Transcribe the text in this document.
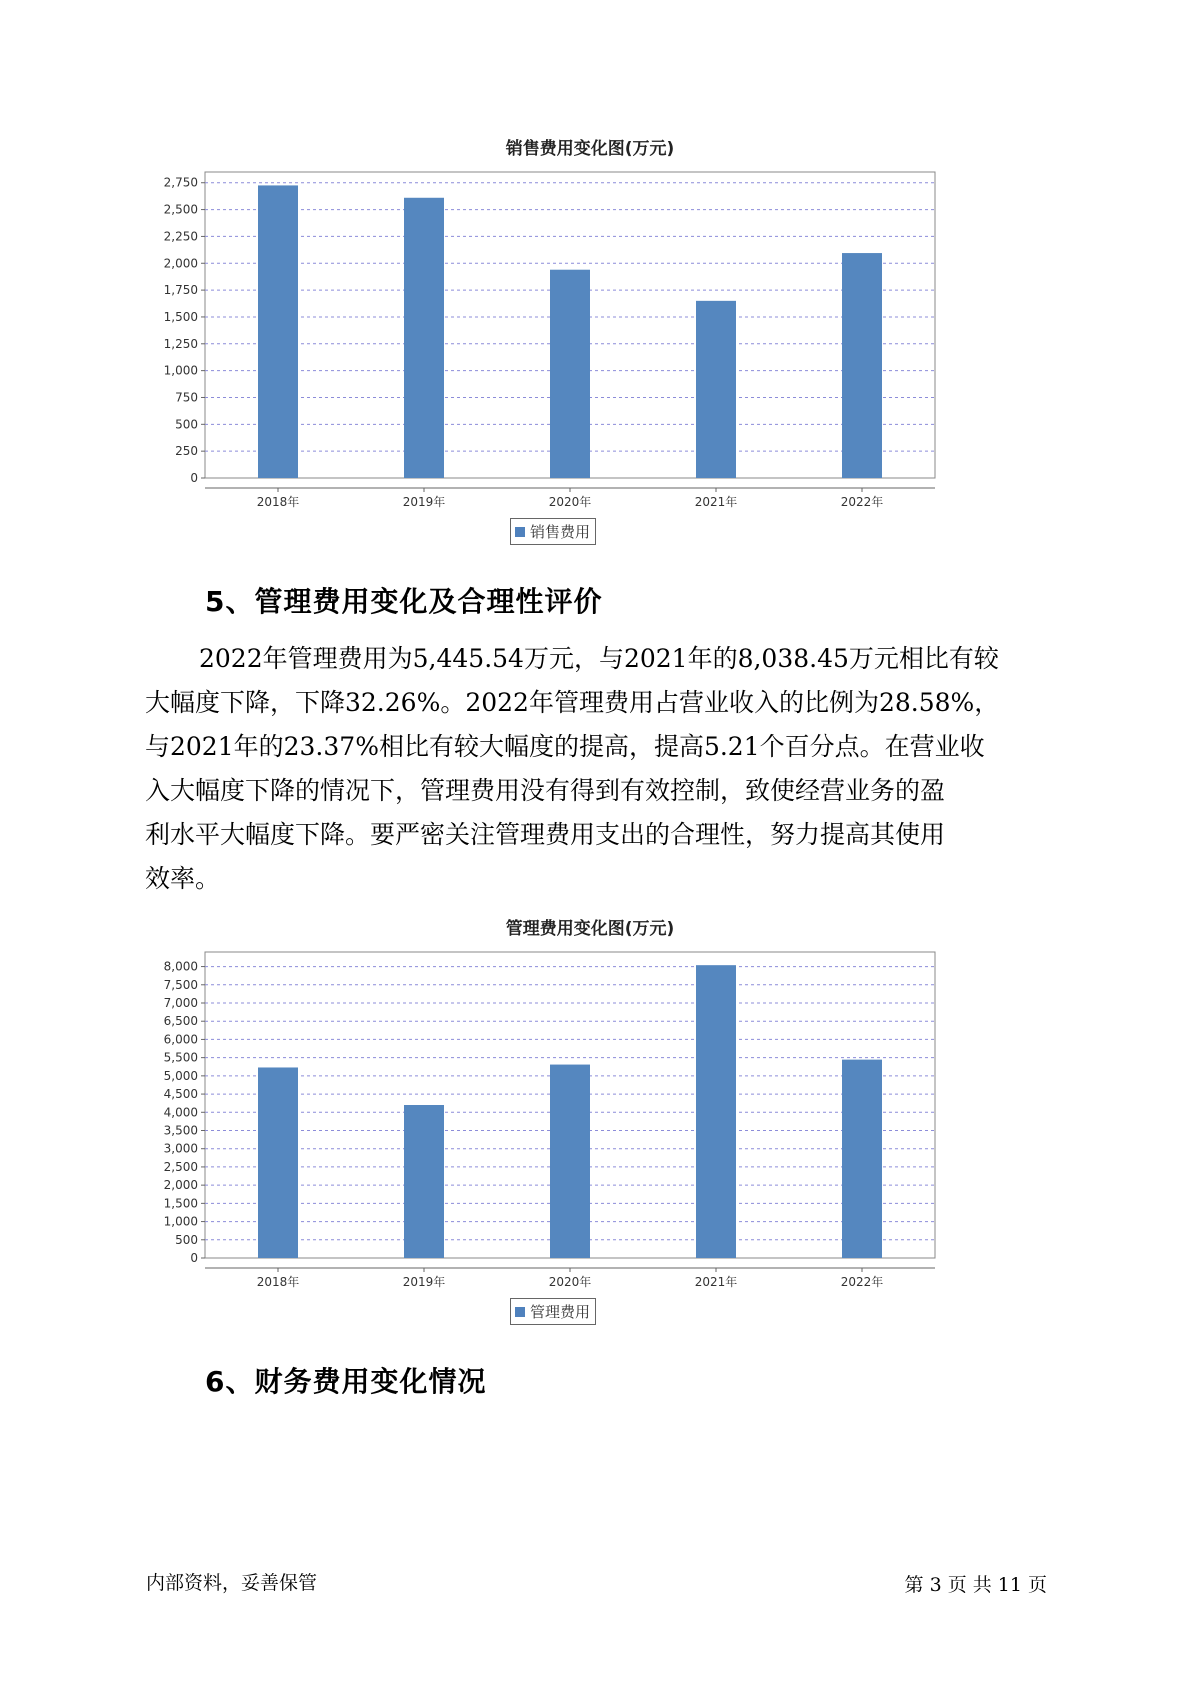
销售费用变化图(万元)
0
250
500
750
1,000
1,250
1,500
1,750
2,000
2,250
2,500
2,750
2018年	2019年	2020年	2021年	2022年
销售费用
5、管理费用变化及合理性评价

2022年管理费用为5,445.54万元，与2021年的8,038.45万元相比有较
大幅度下降，下降32.26%。2022年管理费用占营业收入的比例为28.58%，
与2021年的23.37%相比有较大幅度的提高，提高5.21个百分点。在营业收
入大幅度下降的情况下，管理费用没有得到有效控制，致使经营业务的盈
利水平大幅度下降。要严密关注管理费用支出的合理性，努力提高其使用
效率。

管理费用变化图(万元)
0
500
1,000
1,500
2,000
2,500
3,000
3,500
4,000
4,500
5,000
5,500
6,000
6,500
7,000
7,500
8,000
2018年	2019年	2020年	2021年	2022年
管理费用
6、财务费用变化情况
内部资料，妥善保管	第 3 页 共 11 页
